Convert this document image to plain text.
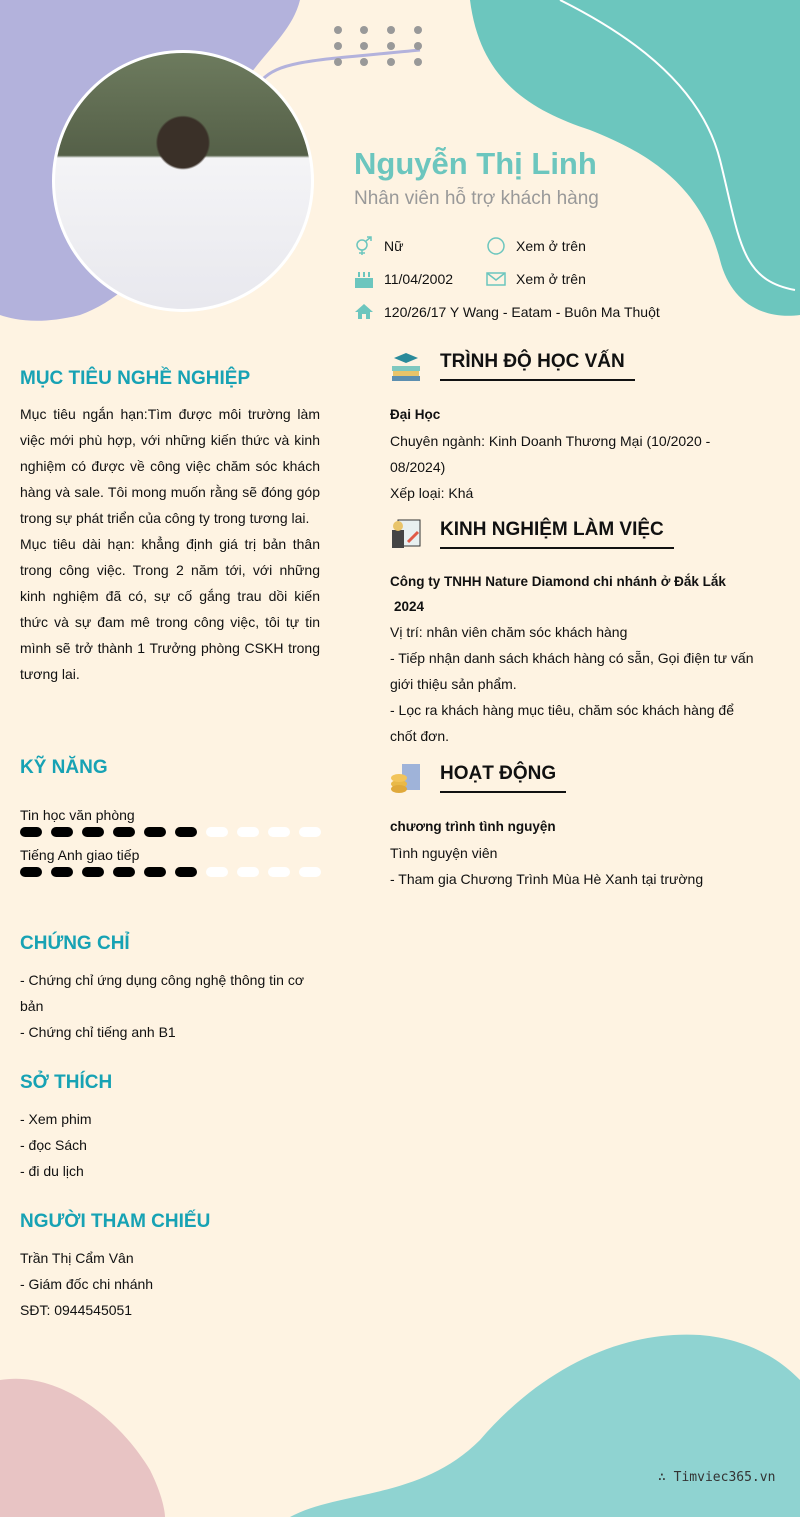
Nguyễn Thị Linh
Nhân viên hỗ trợ khách hàng
Nữ	Xem ở trên
11/04/2002	Xem ở trên
120/26/17 Y Wang - Eatam - Buôn Ma Thuột
MỤC TIÊU NGHỀ NGHIỆP
Mục tiêu ngắn hạn:Tìm được môi trường làm việc mới phù hợp, với những kiến thức và kinh nghiệm có được về công việc chăm sóc khách hàng và sale. Tôi mong muốn rằng sẽ đóng góp trong sự phát triển của công ty trong tương lai.
Mục tiêu dài hạn: khẳng định giá trị bản thân trong công việc. Trong 2 năm tới, với những kinh nghiệm đã có, sự cố gắng trau dồi kiến thức và sự đam mê trong công việc, tôi tự tin mình sẽ trở thành 1 Trưởng phòng CSKH trong tương lai.
KỸ NĂNG
Tin học văn phòng
Tiếng Anh giao tiếp
CHỨNG CHỈ
- Chứng chỉ ứng dụng công nghệ thông tin cơ bản
- Chứng chỉ tiếng anh B1
SỞ THÍCH
- Xem phim
- đọc Sách
- đi du lịch
NGƯỜI THAM CHIẾU
Trần Thị Cẩm Vân
- Giám đốc chi nhánh
SĐT: 0944545051
TRÌNH ĐỘ HỌC VẤN
Đại Học
Chuyên ngành: Kinh Doanh Thương Mại (10/2020 - 08/2024)
Xếp loại: Khá
KINH NGHIỆM LÀM VIỆC
Công ty TNHH Nature Diamond chi nhánh ở Đắk Lắk
2024
Vị trí: nhân viên chăm sóc khách hàng
- Tiếp nhận danh sách khách hàng có sẵn, Gọi điện tư vấn giới thiệu sản phẩm.
- Lọc ra khách hàng mục tiêu, chăm sóc khách hàng để chốt đơn.
HOẠT ĐỘNG
chương trình tình nguyện
Tình nguyện viên
- Tham gia Chương Trình Mùa Hè Xanh tại trường
∴ Timviec365.vn
